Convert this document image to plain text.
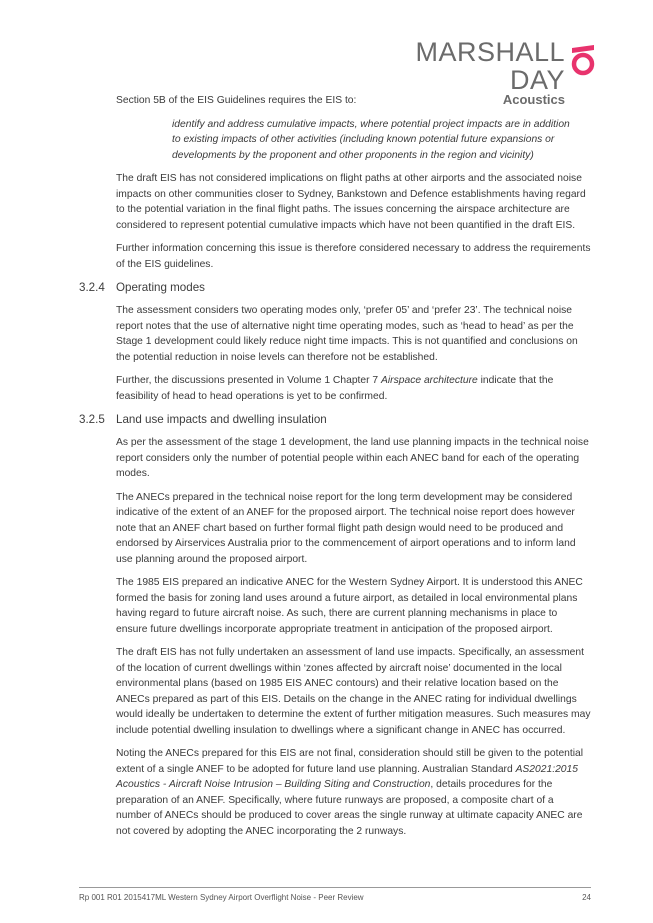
MARSHALL DAY
Acoustics

Section 5B of the EIS Guidelines requires the EIS to:

identify and address cumulative impacts, where potential project impacts are in addition to existing impacts of other activities (including known potential future expansions or developments by the proponent and other proponents in the region and vicinity)

The draft EIS has not considered implications on flight paths at other airports and the associated noise impacts on other communities closer to Sydney, Bankstown and Defence establishments having regard to the potential variation in the final flight paths. The issues concerning the airspace architecture are considered to represent potential cumulative impacts which have not been quantified in the draft EIS.

Further information concerning this issue is therefore considered necessary to address the requirements of the EIS guidelines.

3.2.4 Operating modes

The assessment considers two operating modes only, ‘prefer 05’ and ‘prefer 23’. The technical noise report notes that the use of alternative night time operating modes, such as ‘head to head’ as per the Stage 1 development could likely reduce night time impacts. This is not quantified and conclusions on the potential reduction in noise levels can therefore not be established.

Further, the discussions presented in Volume 1 Chapter 7 Airspace architecture indicate that the feasibility of head to head operations is yet to be confirmed.

3.2.5 Land use impacts and dwelling insulation

As per the assessment of the stage 1 development, the land use planning impacts in the technical noise report considers only the number of potential people within each ANEC band for each of the operating modes.

The ANECs prepared in the technical noise report for the long term development may be considered indicative of the extent of an ANEF for the proposed airport. The technical noise report does however note that an ANEF chart based on further formal flight path design would need to be produced and endorsed by Airservices Australia prior to the commencement of airport operations and to inform land use planning around the proposed airport.

The 1985 EIS prepared an indicative ANEC for the Western Sydney Airport. It is understood this ANEC formed the basis for zoning land uses around a future airport, as detailed in local environmental plans having regard to future aircraft noise. As such, there are current planning mechanisms in place to ensure future dwellings incorporate appropriate treatment in anticipation of the proposed airport.

The draft EIS has not fully undertaken an assessment of land use impacts. Specifically, an assessment of the location of current dwellings within ‘zones affected by aircraft noise’ documented in the local environmental plans (based on 1985 EIS ANEC contours) and their relative location based on the ANECs prepared as part of this EIS. Details on the change in the ANEC rating for individual dwellings would ideally be undertaken to determine the extent of further mitigation measures. Such measures may include potential dwelling insulation to dwellings where a significant change in ANEC has occurred.

Noting the ANECs prepared for this EIS are not final, consideration should still be given to the potential extent of a single ANEF to be adopted for future land use planning. Australian Standard AS2021:2015 Acoustics - Aircraft Noise Intrusion – Building Siting and Construction, details procedures for the preparation of an ANEF. Specifically, where future runways are proposed, a composite chart of a number of ANECs should be produced to cover areas the single runway at ultimate capacity ANEC are not covered by adopting the ANEC incorporating the 2 runways.

Rp 001 R01 2015417ML Western Sydney Airport Overflight Noise - Peer Review	24
